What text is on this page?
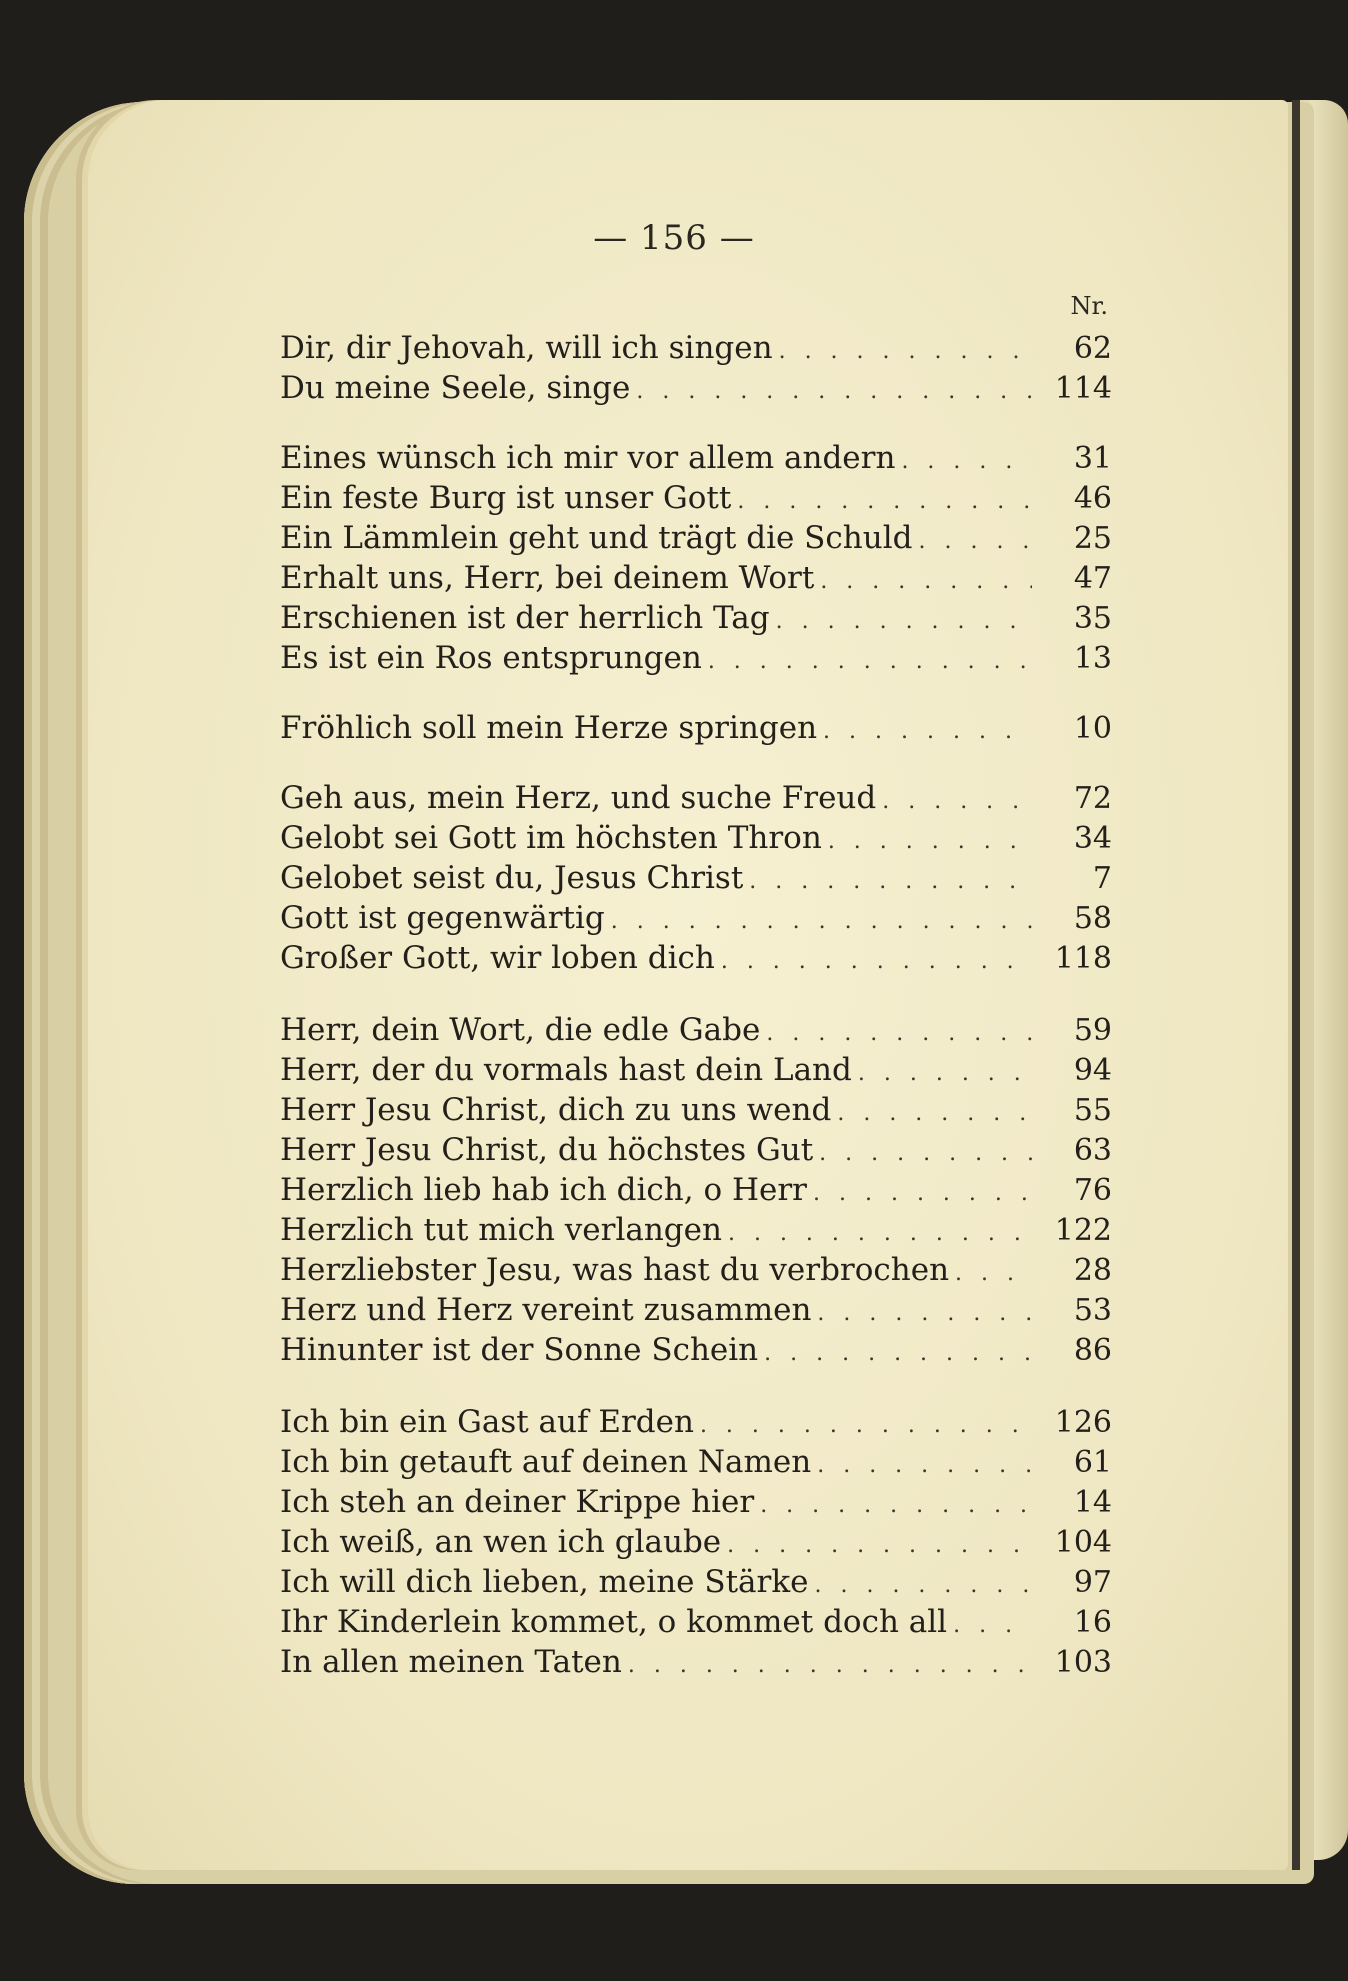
— 156 —
Nr.
Dir, dir Jehovah, will ich singen . . .	62
Du meine Seele, singe . . .	114
Eines wünsch ich mir vor allem andern . . .	31
Ein feste Burg ist unser Gott . . .	46
Ein Lämmlein geht und trägt die Schuld . . .	25
Erhalt uns, Herr, bei deinem Wort . . .	47
Erschienen ist der herrlich Tag . . .	35
Es ist ein Ros entsprungen . . .	13
Fröhlich soll mein Herze springen . . .	10
Geh aus, mein Herz, und suche Freud . . .	72
Gelobt sei Gott im höchsten Thron . . .	34
Gelobet seist du, Jesus Christ . . .	7
Gott ist gegenwärtig . . .	58
Großer Gott, wir loben dich . . .	118
Herr, dein Wort, die edle Gabe . . .	59
Herr, der du vormals hast dein Land . . .	94
Herr Jesu Christ, dich zu uns wend . . .	55
Herr Jesu Christ, du höchstes Gut . . .	63
Herzlich lieb hab ich dich, o Herr . . .	76
Herzlich tut mich verlangen . . .	122
Herzliebster Jesu, was hast du verbrochen . . .	28
Herz und Herz vereint zusammen . . .	53
Hinunter ist der Sonne Schein . . .	86
Ich bin ein Gast auf Erden . . .	126
Ich bin getauft auf deinen Namen . . .	61
Ich steh an deiner Krippe hier . . .	14
Ich weiß, an wen ich glaube . . .	104
Ich will dich lieben, meine Stärke . . .	97
Ihr Kinderlein kommet, o kommet doch all . . .	16
In allen meinen Taten . . .	103
